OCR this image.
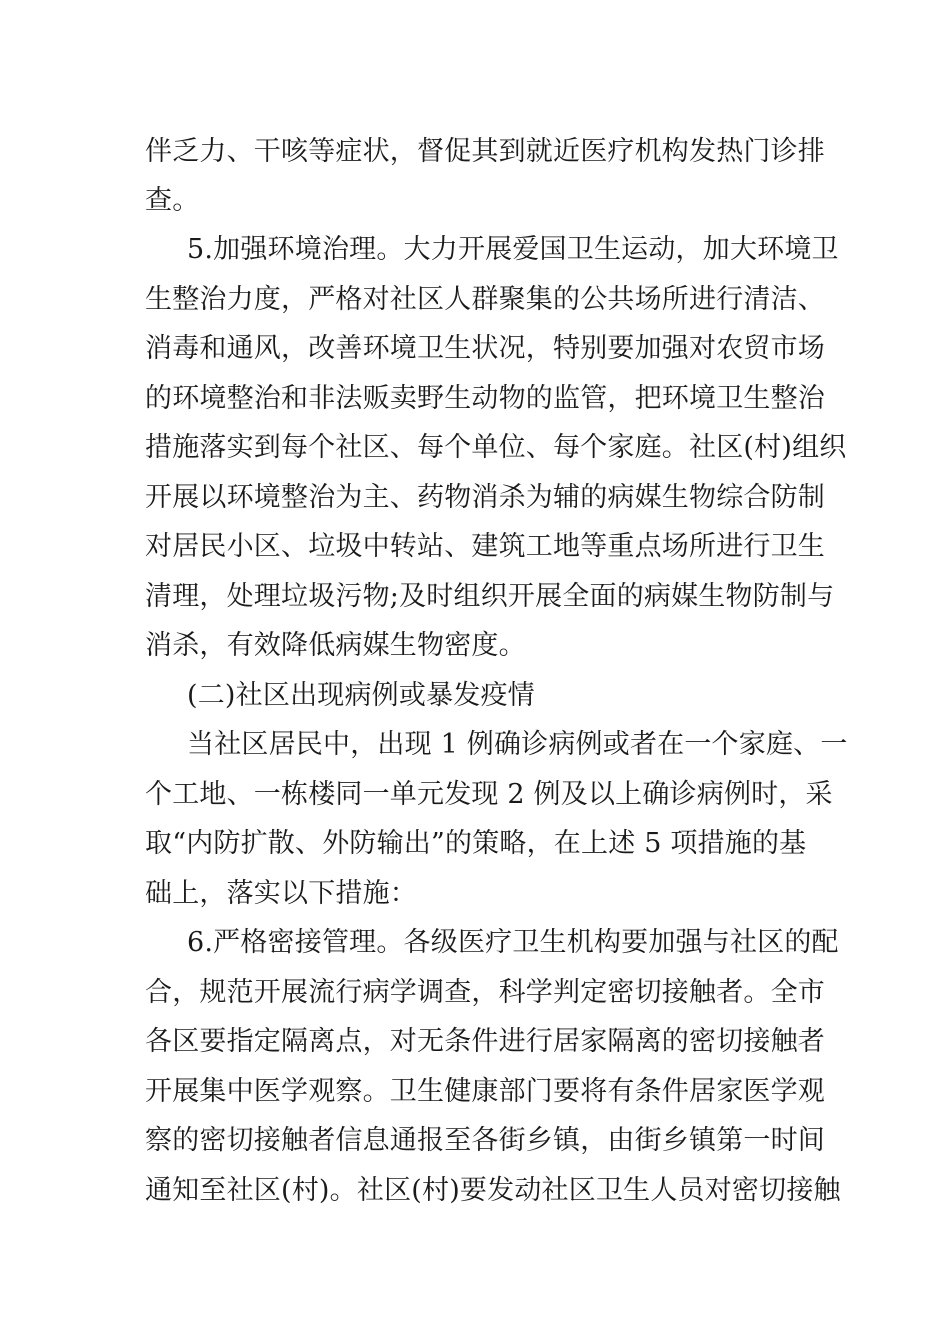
伴乏力、干咳等症状，督促其到就近医疗机构发热门诊排
查。
5.加强环境治理。大力开展爱国卫生运动，加大环境卫
生整治力度，严格对社区人群聚集的公共场所进行清洁、
消毒和通风，改善环境卫生状况，特别要加强对农贸市场
的环境整治和非法贩卖野生动物的监管，把环境卫生整治
措施落实到每个社区、每个单位、每个家庭。社区(村)组织
开展以环境整治为主、药物消杀为辅的病媒生物综合防制
对居民小区、垃圾中转站、建筑工地等重点场所进行卫生
清理，处理垃圾污物;及时组织开展全面的病媒生物防制与
消杀，有效降低病媒生物密度。
(二)社区出现病例或暴发疫情
当社区居民中，出现 1 例确诊病例或者在一个家庭、一
个工地、一栋楼同一单元发现 2 例及以上确诊病例时，采
取“内防扩散、外防输出”的策略，在上述 5 项措施的基
础上，落实以下措施：
6.严格密接管理。各级医疗卫生机构要加强与社区的配
合，规范开展流行病学调查，科学判定密切接触者。全市
各区要指定隔离点，对无条件进行居家隔离的密切接触者
开展集中医学观察。卫生健康部门要将有条件居家医学观
察的密切接触者信息通报至各街乡镇，由街乡镇第一时间
通知至社区(村)。社区(村)要发动社区卫生人员对密切接触
